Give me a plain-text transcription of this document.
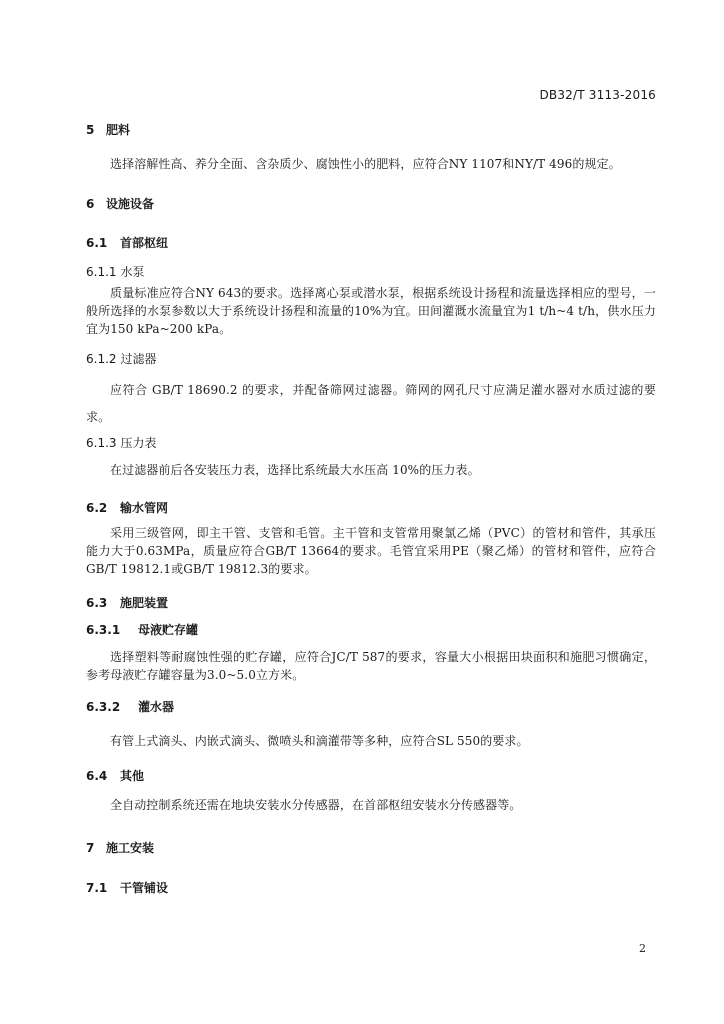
DB32/T 3113-2016
5 肥料
选择溶解性高、养分全面、含杂质少、腐蚀性小的肥料，应符合NY 1107和NY/T 496的规定。
6 设施设备
6.1 首部枢纽
6.1.1 水泵
质量标准应符合NY 643的要求。选择离心泵或潜水泵，根据系统设计扬程和流量选择相应的型号，一般所选择的水泵参数以大于系统设计扬程和流量的10%为宜。田间灌溉水流量宜为1 t/h~4 t/h，供水压力宜为150 kPa~200 kPa。
6.1.2 过滤器
应符合 GB/T 18690.2 的要求，并配备筛网过滤器。筛网的网孔尺寸应满足灌水器对水质过滤的要求。
6.1.3 压力表
在过滤器前后各安装压力表，选择比系统最大水压高 10%的压力表。
6.2 输水管网
采用三级管网，即主干管、支管和毛管。主干管和支管常用聚氯乙烯（PVC）的管材和管件，其承压能力大于0.63MPa，质量应符合GB/T 13664的要求。毛管宜采用PE（聚乙烯）的管材和管件，应符合GB/T 19812.1或GB/T 19812.3的要求。
6.3 施肥装置
6.3.1 母液贮存罐
选择塑料等耐腐蚀性强的贮存罐，应符合JC/T 587的要求，容量大小根据田块面积和施肥习惯确定，参考母液贮存罐容量为3.0~5.0立方米。
6.3.2 灌水器
有管上式滴头、内嵌式滴头、微喷头和滴灌带等多种，应符合SL 550的要求。
6.4 其他
全自动控制系统还需在地块安装水分传感器，在首部枢纽安装水分传感器等。
7 施工安装
7.1 干管铺设
2
